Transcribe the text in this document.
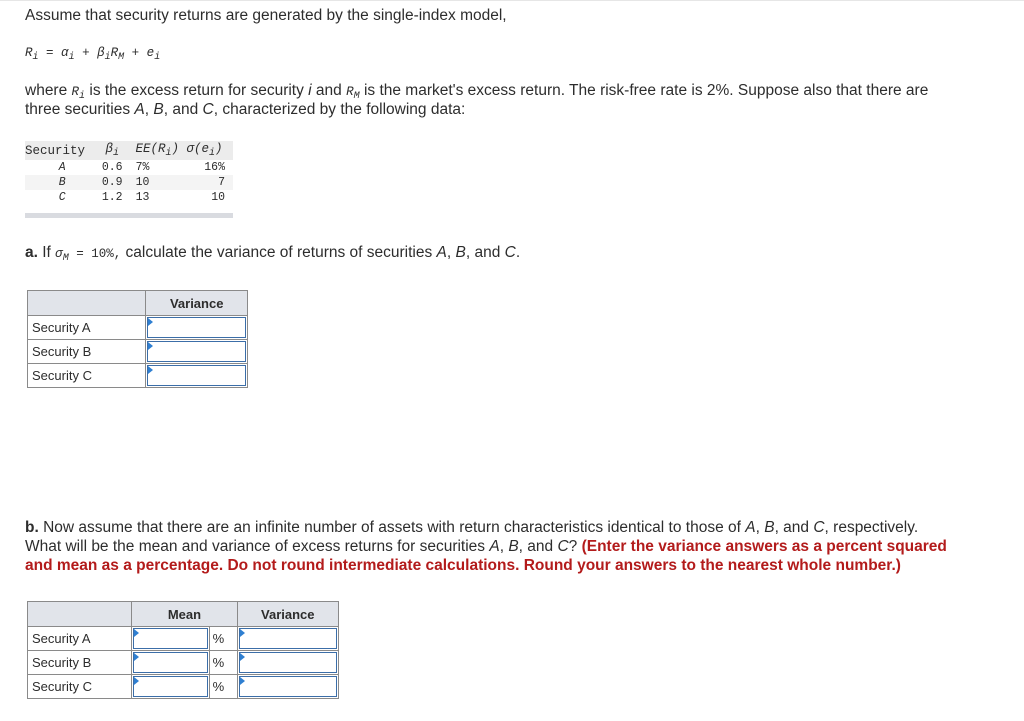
Assume that security returns are generated by the single-index model,

$R_i = \alpha_i + \beta_iR_M + e_i$

where $R_i$ is the excess return for security i and $R_M$ is the market's excess return. The risk-free rate is 2%. Suppose also that there are

three securities A, B, and C, characterized by the following data:

Security	$\beta_i$	$EE(R_i)$ $\sigma(e_i)$	
A	0.6	7%	16%
B	0.9	10	7
C	1.2	13	10

a. If $\sigma_M = 10\%$, calculate the variance of returns of securities A, B, and C.

	Variance
Security A	

Security B	

Security C	

b. Now assume that there are an infinite number of assets with return characteristics identical to those of A, B, and C, respectively.

What will be the mean and variance of excess returns for securities A, B, and C? (Enter the variance answers as a percent squared

and mean as a percentage. Do not round intermediate calculations. Round your answers to the nearest whole number.)

	Mean		Variance
Security A		%	

Security B		%	

Security C		%	
